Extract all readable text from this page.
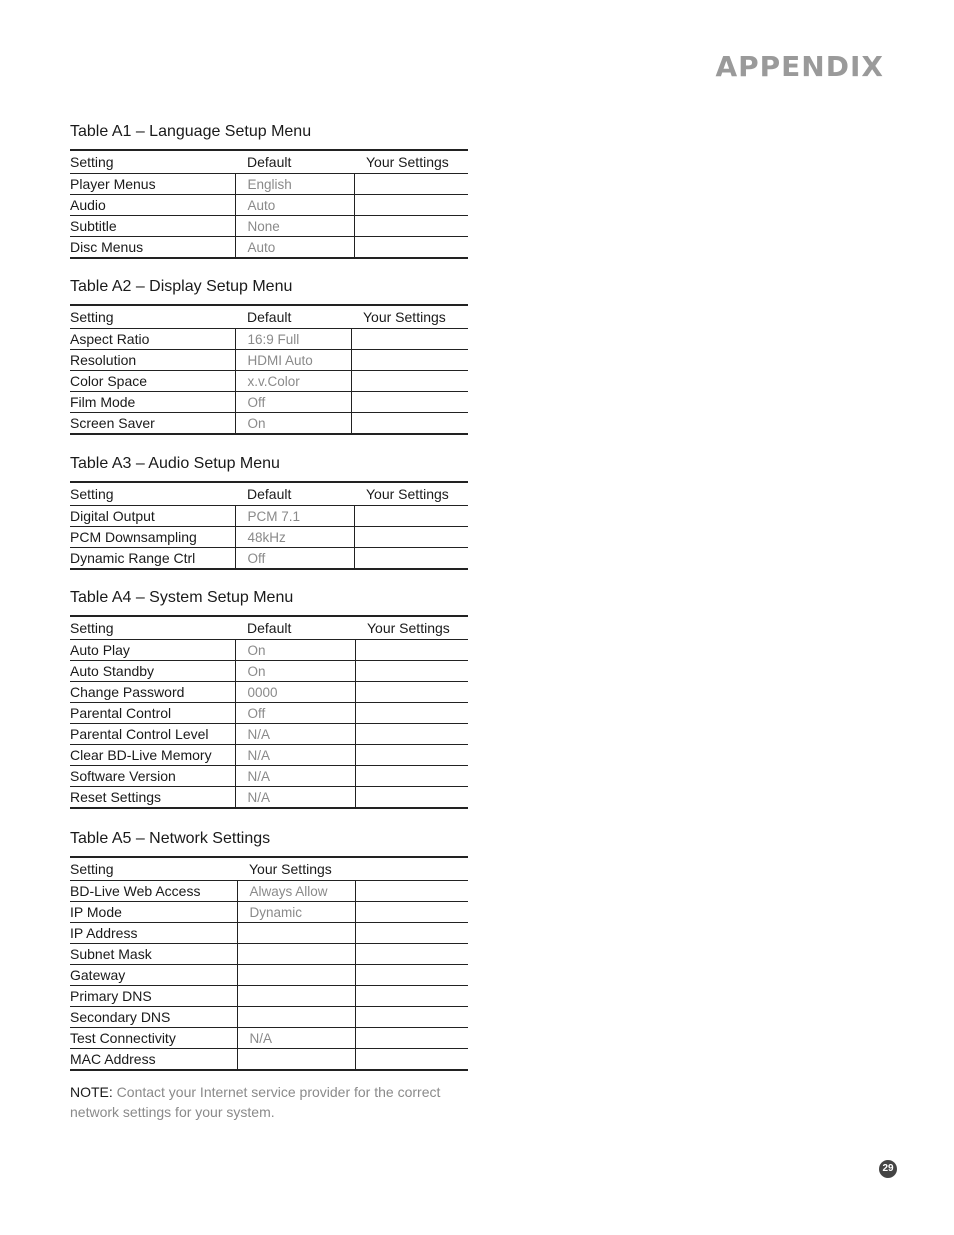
APPENDIX
Table A1 – Language Setup Menu
Setting	Default	Your Settings
Player Menus	English	
Audio	Auto	
Subtitle	None	
Disc Menus	Auto	
Table A2 – Display Setup Menu
Setting	Default	Your Settings
Aspect Ratio	16:9 Full	
Resolution	HDMI Auto	
Color Space	x.v.Color	
Film Mode	Off	
Screen Saver	On	
Table A3 – Audio Setup Menu
Setting	Default	Your Settings
Digital Output	PCM 7.1	
PCM Downsampling	48kHz	
Dynamic Range Ctrl	Off	
Table A4 – System Setup Menu
Setting	Default	Your Settings
Auto Play	On	
Auto Standby	On	
Change Password	0000	
Parental Control	Off	
Parental Control Level	N/A	
Clear BD-Live Memory	N/A	
Software Version	N/A	
Reset Settings	N/A	
Table A5 – Network Settings
Setting	Your Settings	
BD-Live Web Access	Always Allow	
IP Mode	Dynamic	
IP Address		
Subnet Mask		
Gateway		
Primary DNS		
Secondary DNS		
Test Connectivity	N/A	
MAC Address		
NOTE: Contact your Internet service provider for the correct network settings for your system.
29
